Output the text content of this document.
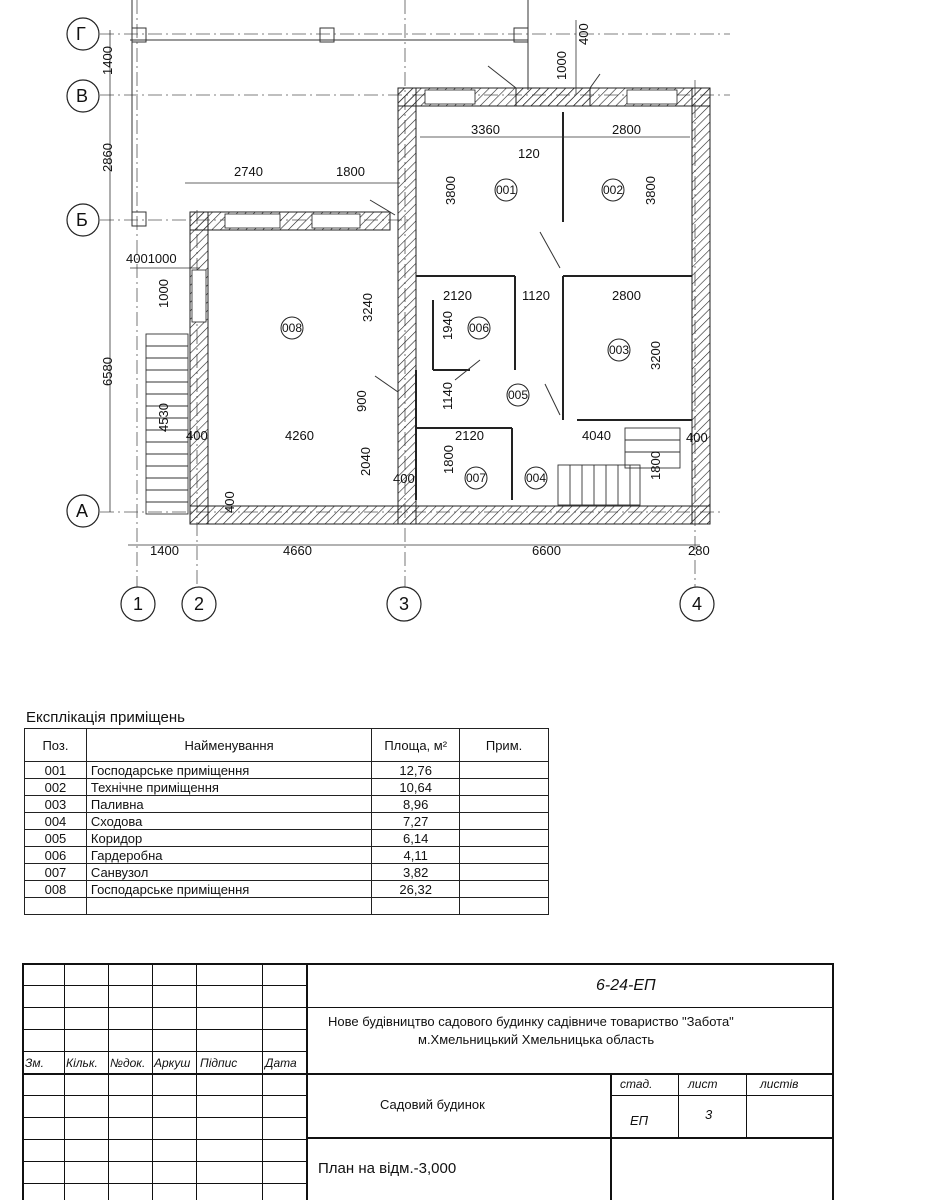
1400
2860
4001000
1000
6580
4530
1000
400
3360	2800
120
2740	1800
3800	3800
3240	2120	1120	2800
1940
3200
900	1140
400	4260	2120	4040	400
2040	1800	1800
400
400
1400	4660	6600	280
001	002
003
004
005
006
007
008
Г
В
Б
А
1	2	3	4
Експлікація приміщень
Поз.	Найменування	Площа, м²	Прим.
001	Господарське приміщення	12,76	
002	Технічне приміщення	10,64	
003	Паливна	8,96	
004	Сходова	7,27	
005	Коридор	6,14	
006	Гардеробна	4,11	
007	Санвузол	3,82	
008	Господарське приміщення	26,32	

6-24-ЕП
Нове будівництво садового будинку садівниче товариство "Забота"
м.Хмельницький Хмельницька область
Зм. Кільк. №док. Аркуш Підпис Дата
Садовий будинок
стад.	лист	листів
ЕП	3
План на відм.-3,000
